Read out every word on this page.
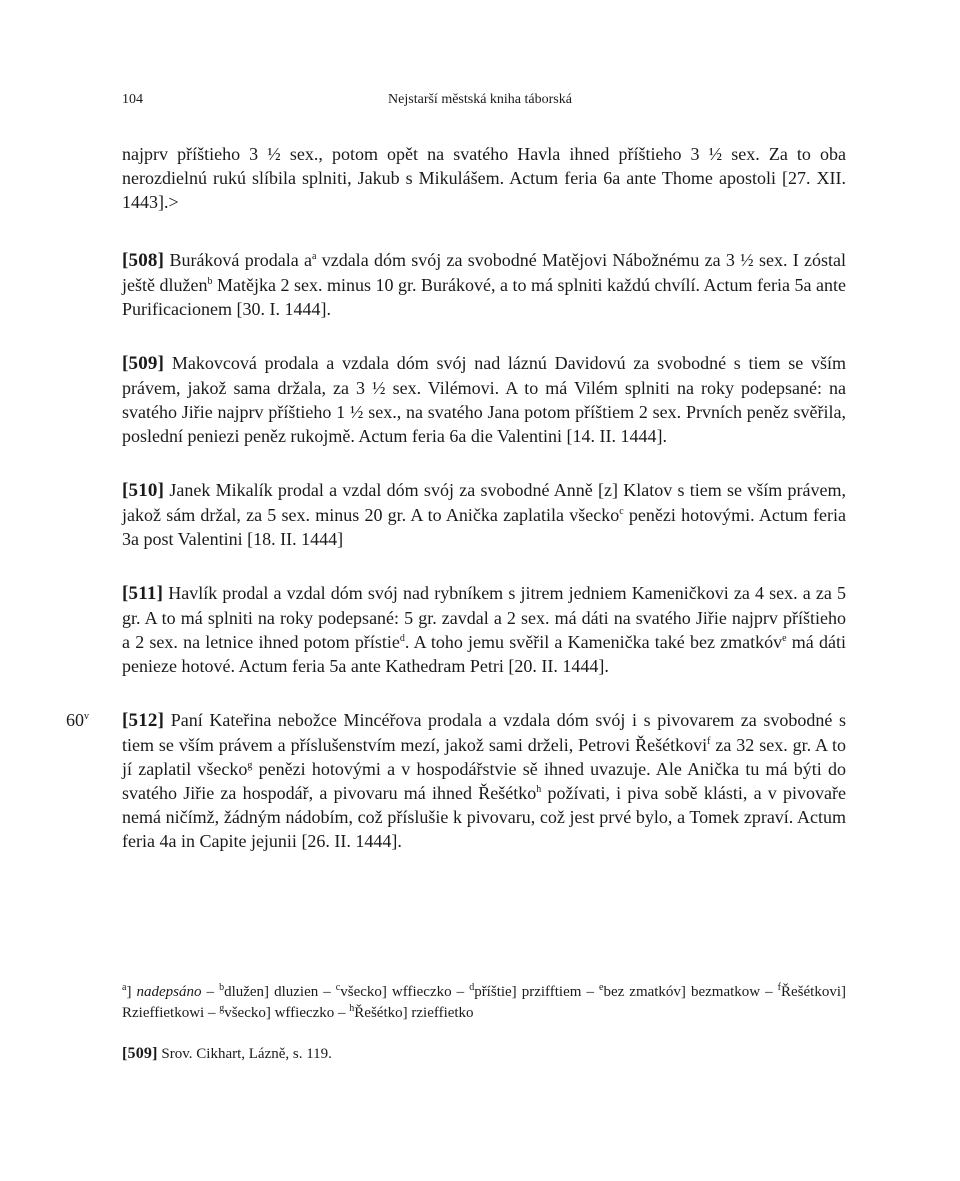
104	Nejstarší městská kniha táborská

najprv příštieho 3 ½ sex., potom opět na svatého Havla ihned příštieho 3 ½ sex. Za to oba nerozdielnú rukú slíbila splniti, Jakub s Mikulášem. Actum feria 6a ante Thome apostoli [27. XII. 1443].>

[508] Buráková prodala $a^a$ vzdala dóm svój za svobodné Matějovi Nábožnému za 3 ½ sex. I zóstal ještě dlužen$^b$ Matějka 2 sex. minus 10 gr. Burákové, a to má splniti každú chvílí. Actum feria 5a ante Purificacionem [30. I. 1444].

[509] Makovcová prodala a vzdala dóm svój nad láznú Davidovú za svobodné s tiem se vším právem, jakož sama držala, za 3 ½ sex. Vilémovi. A to má Vilém splniti na roky podepsané: na svatého Jiřie najprv příštieho 1 ½ sex., na svatého Jana potom příštiem 2 sex. Prvních peněz svěřila, poslední peniezi peněz rukojmě. Actum feria 6a die Valentini [14. II. 1444].

[510] Janek Mikalík prodal a vzdal dóm svój za svobodné Anně [z] Klatov s tiem se vším právem, jakož sám držal, za 5 sex. minus 20 gr. A to Anička zaplatila všecko$^c$ penězi hotovými. Actum feria 3a post Valentini [18. II. 1444]

[511] Havlík prodal a vzdal dóm svój nad rybníkem s jitrem jedniem Kameničkovi za 4 sex. a za 5 gr. A to má splniti na roky podepsané: 5 gr. zavdal a 2 sex. má dáti na svatého Jiřie najprv příštieho a 2 sex. na letnice ihned potom přístie$^d$. A toho jemu svěřil a Kamenička také bez zmatkóv$^e$ má dáti penieze hotové. Actum feria 5a ante Kathedram Petri [20. II. 1444].

60$^v$ [512] Paní Kateřina nebožce Mincéřova prodala a vzdala dóm svój i s pivovarem za svobodné s tiem se vším právem a příslušenstvím mezí, jakož sami drželi, Petrovi Řešétkovi$^f$ za 32 sex. gr. A to jí zaplatil všecko$^g$ penězi hotovými a v hospodářstvie sě ihned uvazuje. Ale Anička tu má býti do svatého Jiřie za hospodář, a pivovaru má ihned Řešétko$^h$ požívati, i piva sobě klásti, a v pivovaře nemá ničímž, žádným nádobím, což příslušie k pivovaru, což jest prvé bylo, a Tomek zpraví. Actum feria 4a in Capite jejunii [26. II. 1444].

$^a$] nadepsáno – $^b$dlužen] dluzien – $^c$všecko] wffieczko – $^d$příštie] przifftiem – $^e$bez zmatkóv] bezmatkow – $^f$Řešétkovi] Rzieffietkowi – $^g$všecko] wffieczko – $^h$Řešétko] rzieffietko
[509] Srov. Cikhart, Lázně, s. 119.
